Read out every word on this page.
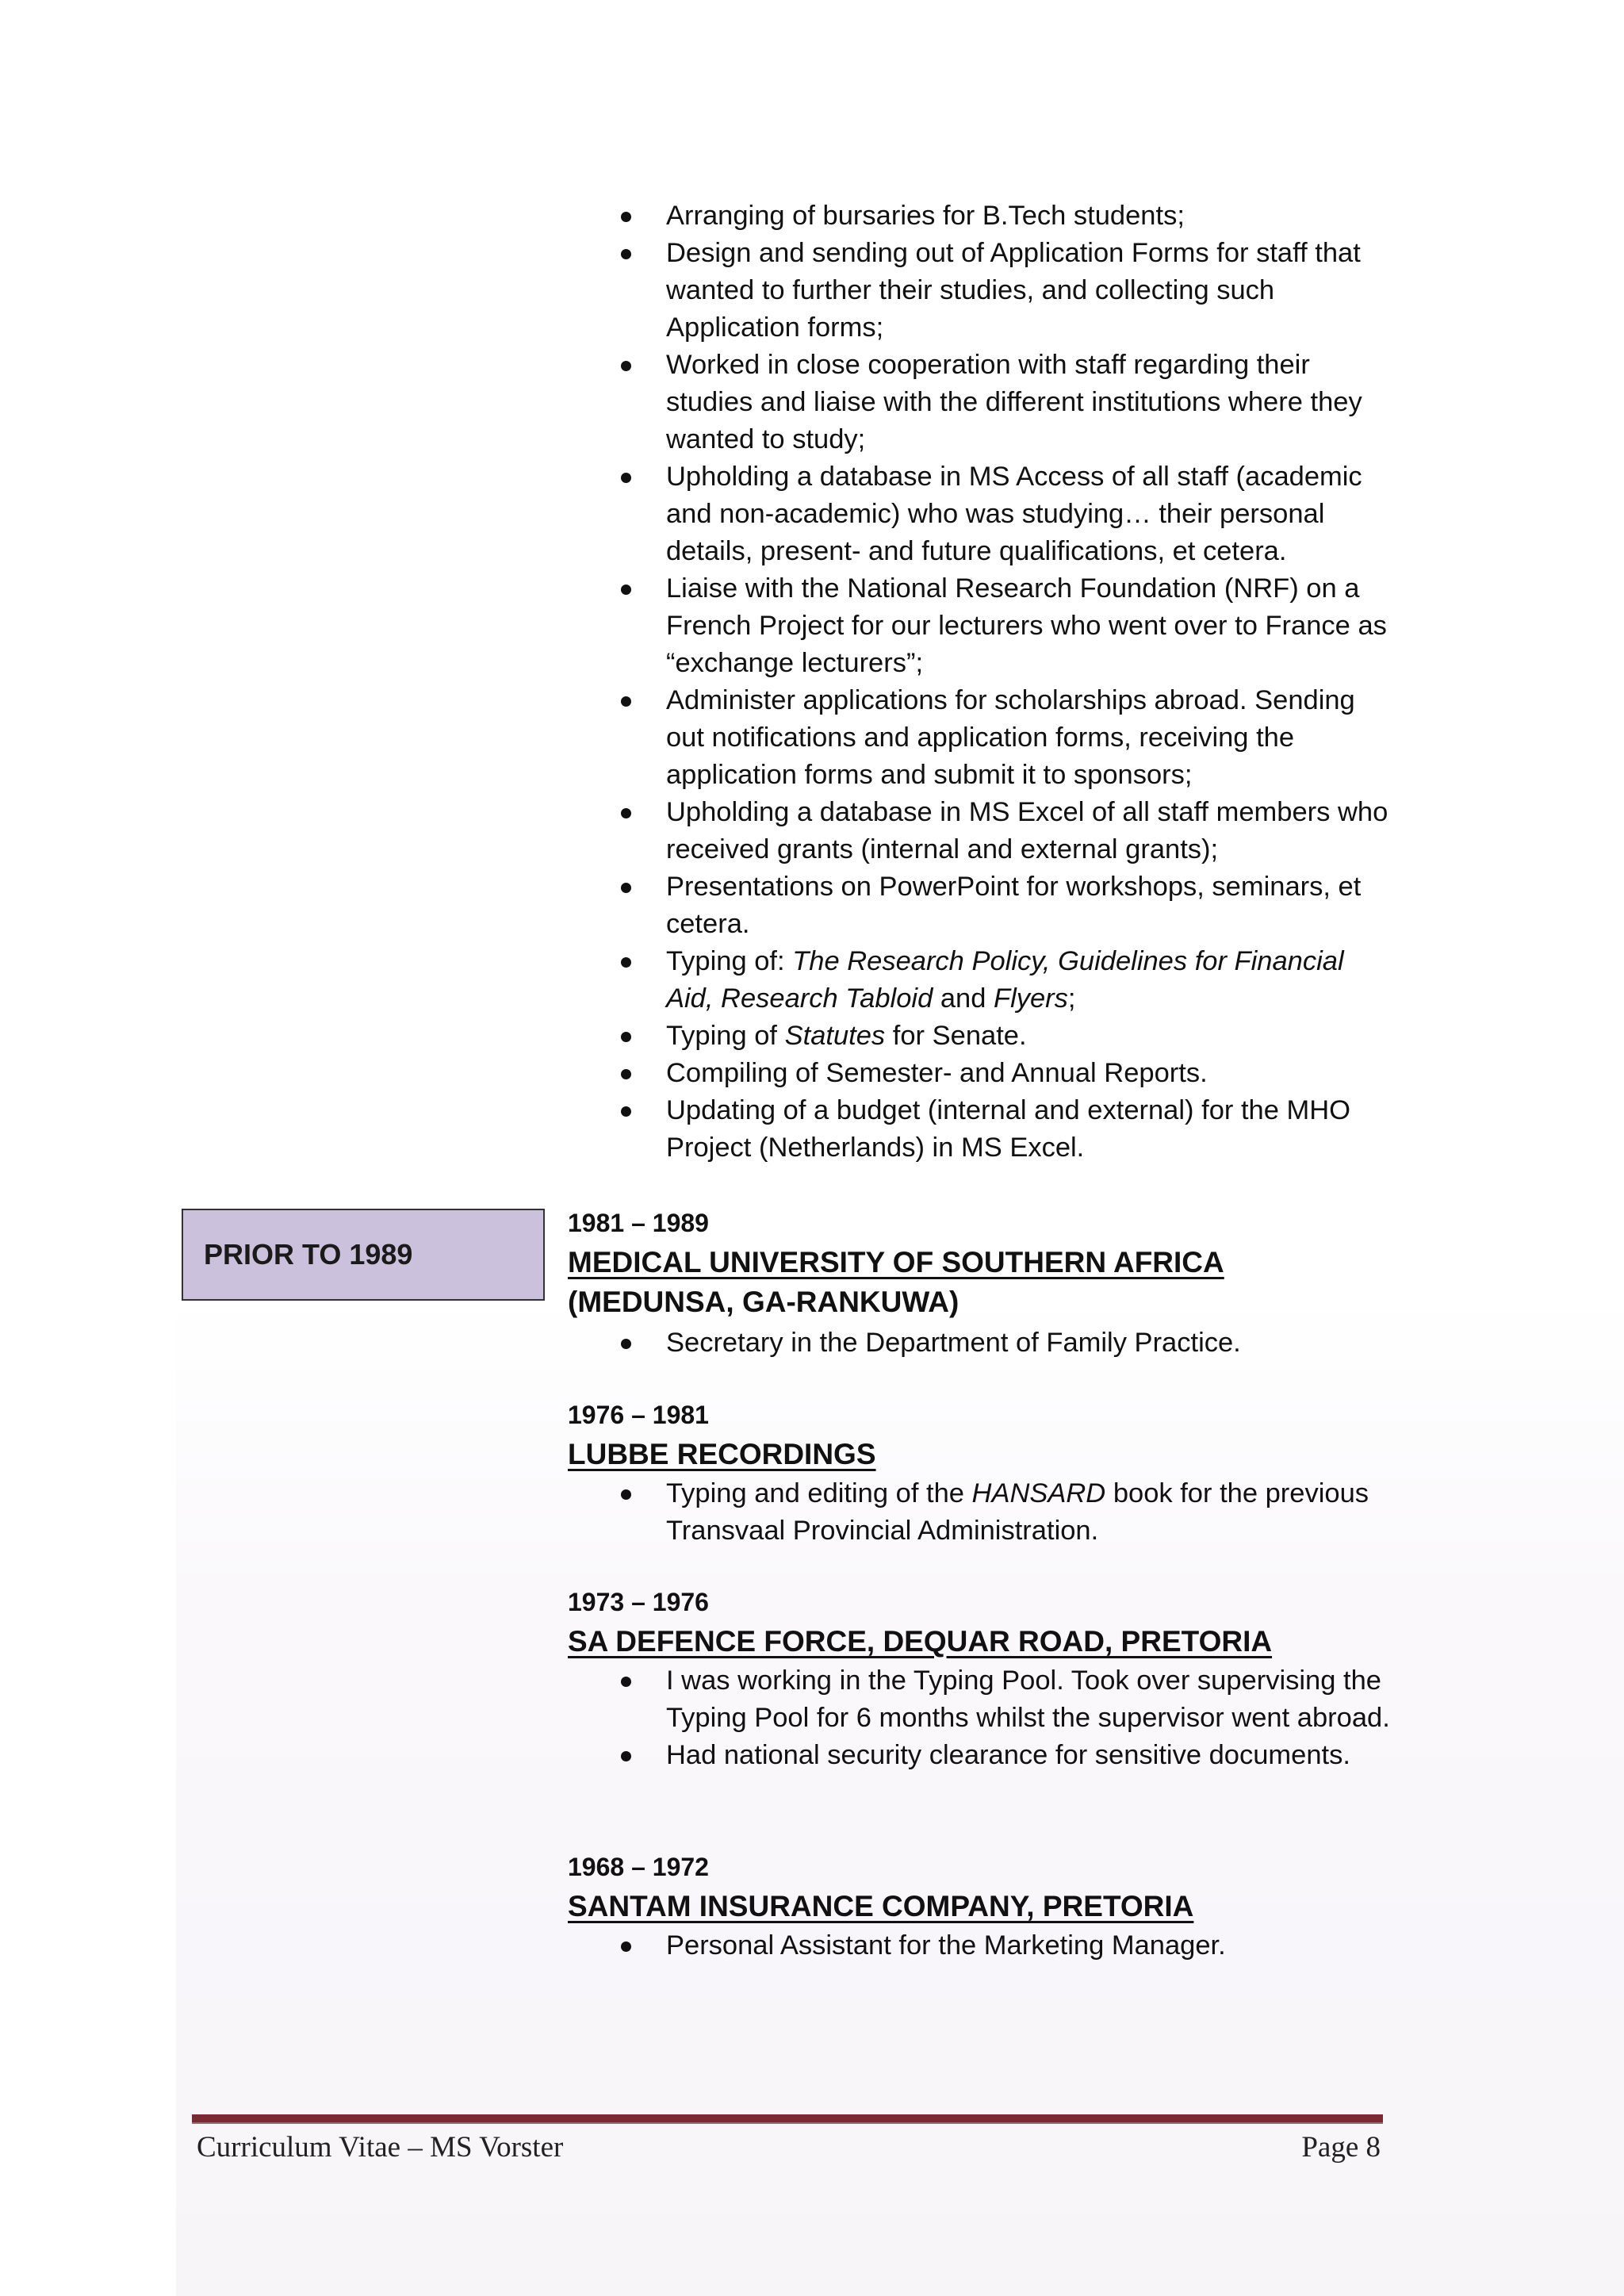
Arranging of bursaries for B.Tech students;
Design and sending out of Application Forms for staff that wanted to further their studies, and collecting such Application forms;
Worked in close cooperation with staff regarding their studies and liaise with the different institutions where they wanted to study;
Upholding a database in MS Access of all staff (academic and non-academic) who was studying… their personal details, present- and future qualifications, et cetera.
Liaise with the National Research Foundation (NRF) on a French Project for our lecturers who went over to France as “exchange lecturers”;
Administer applications for scholarships abroad. Sending out notifications and application forms, receiving the application forms and submit it to sponsors;
Upholding a database in MS Excel of all staff members who received grants (internal and external grants);
Presentations on PowerPoint for workshops, seminars, et cetera.
Typing of: The Research Policy, Guidelines for Financial Aid, Research Tabloid and Flyers;
Typing of Statutes for Senate.
Compiling of Semester- and Annual Reports.
Updating of a budget (internal and external) for the MHO Project (Netherlands) in MS Excel.
PRIOR TO 1989
1981 – 1989
MEDICAL UNIVERSITY OF SOUTHERN AFRICA
(MEDUNSA, GA-RANKUWA)
Secretary in the Department of Family Practice.
1976 – 1981
LUBBE RECORDINGS
Typing and editing of the HANSARD book for the previous Transvaal Provincial Administration.
1973 – 1976
SA DEFENCE FORCE, DEQUAR ROAD, PRETORIA
I was working in the Typing Pool. Took over supervising the Typing Pool for 6 months whilst the supervisor went abroad.
Had national security clearance for sensitive documents.
1968 – 1972
SANTAM INSURANCE COMPANY, PRETORIA
Personal Assistant for the Marketing Manager.
Curriculum Vitae – MS Vorster	Page 8
